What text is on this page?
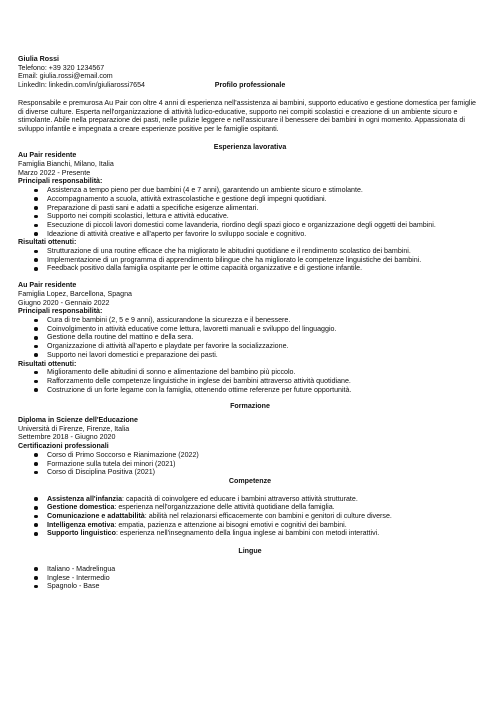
Giulia Rossi
Telefono: +39 320 1234567
Email: giulia.rossi@email.com
LinkedIn: linkedin.com/in/giuliarossi7654	Profilo professionale

Responsabile e premurosa Au Pair con oltre 4 anni di esperienza nell'assistenza ai bambini, supporto educativo e gestione domestica per famiglie di diverse culture. Esperta nell'organizzazione di attività ludico-educative, supporto nei compiti scolastici e creazione di un ambiente sicuro e stimolante. Abile nella preparazione dei pasti, nelle pulizie leggere e nell'assicurare il benessere dei bambini in ogni momento. Appassionata di sviluppo infantile e impegnata a creare esperienze positive per le famiglie ospitanti.

Esperienza lavorativa
Au Pair residente
Famiglia Bianchi, Milano, Italia
Marzo 2022 - Presente
Principali responsabilità:
Assistenza a tempo pieno per due bambini (4 e 7 anni), garantendo un ambiente sicuro e stimolante.
Accompagnamento a scuola, attività extrascolastiche e gestione degli impegni quotidiani.
Preparazione di pasti sani e adatti a specifiche esigenze alimentari.
Supporto nei compiti scolastici, lettura e attività educative.
Esecuzione di piccoli lavori domestici come lavanderia, riordino degli spazi gioco e organizzazione degli oggetti dei bambini.
Ideazione di attività creative e all'aperto per favorire lo sviluppo sociale e cognitivo.
Risultati ottenuti:
Strutturazione di una routine efficace che ha migliorato le abitudini quotidiane e il rendimento scolastico dei bambini.
Implementazione di un programma di apprendimento bilingue che ha migliorato le competenze linguistiche dei bambini.
Feedback positivo dalla famiglia ospitante per le ottime capacità organizzative e di gestione infantile.
Au Pair residente
Famiglia Lopez, Barcellona, Spagna
Giugno 2020 - Gennaio 2022
Principali responsabilità:
Cura di tre bambini (2, 5 e 9 anni), assicurandone la sicurezza e il benessere.
Coinvolgimento in attività educative come lettura, lavoretti manuali e sviluppo del linguaggio.
Gestione della routine del mattino e della sera.
Organizzazione di attività all'aperto e playdate per favorire la socializzazione.
Supporto nei lavori domestici e preparazione dei pasti.
Risultati ottenuti:
Miglioramento delle abitudini di sonno e alimentazione del bambino più piccolo.
Rafforzamento delle competenze linguistiche in inglese dei bambini attraverso attività quotidiane.
Costruzione di un forte legame con la famiglia, ottenendo ottime referenze per future opportunità.
Formazione
Diploma in Scienze dell'Educazione
Università di Firenze, Firenze, Italia
Settembre 2018 - Giugno 2020
Certificazioni professionali
Corso di Primo Soccorso e Rianimazione (2022)
Formazione sulla tutela dei minori (2021)
Corso di Disciplina Positiva (2021)
Competenze
Assistenza all'infanzia: capacità di coinvolgere ed educare i bambini attraverso attività strutturate.
Gestione domestica: esperienza nell'organizzazione delle attività quotidiane della famiglia.
Comunicazione e adattabilità: abilità nel relazionarsi efficacemente con bambini e genitori di culture diverse.
Intelligenza emotiva: empatia, pazienza e attenzione ai bisogni emotivi e cognitivi dei bambini.
Supporto linguistico: esperienza nell'insegnamento della lingua inglese ai bambini con metodi interattivi.
Lingue
Italiano - Madrelingua
Inglese - Intermedio
Spagnolo - Base
